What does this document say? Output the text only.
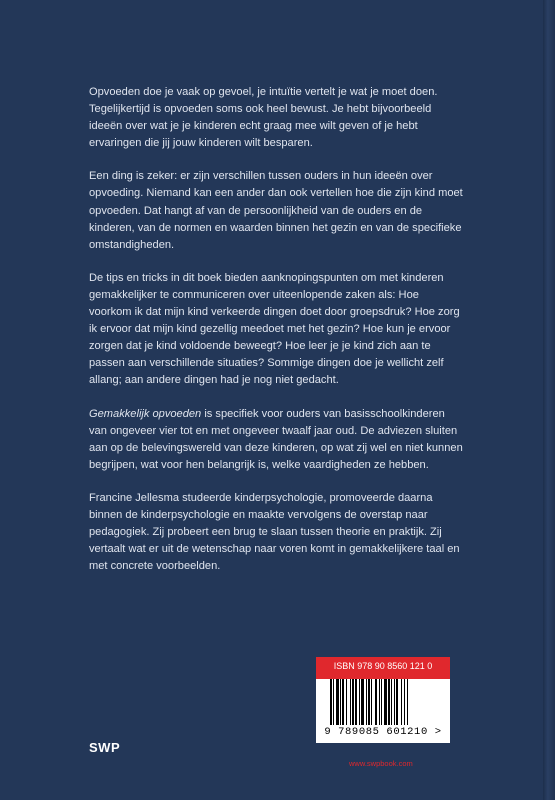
Opvoeden doe je vaak op gevoel, je intuïtie vertelt je wat je moet doen. Tegelijkertijd is opvoeden soms ook heel bewust. Je hebt bijvoorbeeld ideeën over wat je je kinderen echt graag mee wilt geven of je hebt ervaringen die jij jouw kinderen wilt besparen.

Een ding is zeker: er zijn verschillen tussen ouders in hun ideeën over opvoeding. Niemand kan een ander dan ook vertellen hoe die zijn kind moet opvoeden. Dat hangt af van de persoonlijkheid van de ouders en de kinderen, van de normen en waarden binnen het gezin en van de specifieke omstandigheden.

De tips en tricks in dit boek bieden aanknopingspunten om met kinderen gemakkelijker te communiceren over uiteenlopende zaken als: Hoe voorkom ik dat mijn kind verkeerde dingen doet door groepsdruk? Hoe zorg ik ervoor dat mijn kind gezellig meedoet met het gezin? Hoe kun je ervoor zorgen dat je kind voldoende beweegt? Hoe leer je je kind zich aan te passen aan verschillende situaties? Sommige dingen doe je wellicht zelf allang; aan andere dingen had je nog niet gedacht.

Gemakkelijk opvoeden is specifiek voor ouders van basisschoolkinderen van ongeveer vier tot en met ongeveer twaalf jaar oud. De adviezen sluiten aan op de belevingswereld van deze kinderen, op wat zij wel en niet kunnen begrijpen, wat voor hen belangrijk is, welke vaardigheden ze hebben.

Francine Jellesma studeerde kinderpsychologie, promoveerde daarna binnen de kinderpsychologie en maakte vervolgens de overstap naar pedagogiek. Zij probeert een brug te slaan tussen theorie en praktijk. Zij vertaalt wat er uit de wetenschap naar voren komt in gemakkelijkere taal en met concrete voorbeelden.

SWP
ISBN 978 90 8560 121 0
9 789085 601210 >
www.swpbook.com
